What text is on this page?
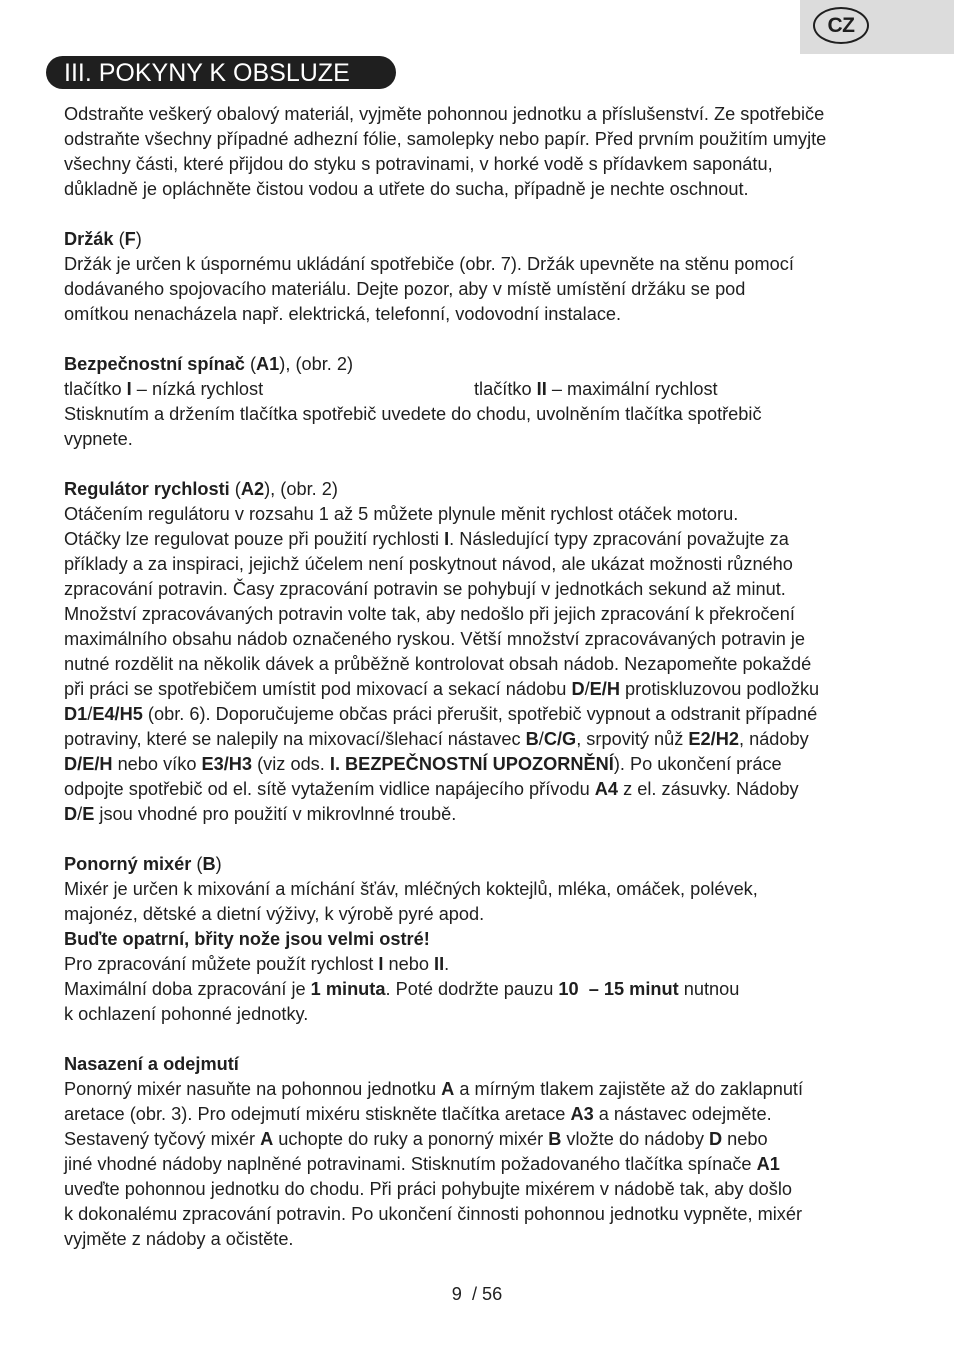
CZ
III. POKYNY K OBSLUZE
Odstraňte veškerý obalový materiál, vyjměte pohonnou jednotku a příslušenství. Ze spotřebiče
odstraňte všechny případné adhezní fólie, samolepky nebo papír. Před prvním použitím umyjte
všechny části, které přijdou do styku s potravinami, v horké vodě s přídavkem saponátu,
důkladně je opláchněte čistou vodou a utřete do sucha, případně je nechte oschnout.
Držák (F)
Držák je určen k úspornému ukládání spotřebiče (obr. 7). Držák upevněte na stěnu pomocí
dodávaného spojovacího materiálu. Dejte pozor, aby v místě umístění držáku se pod
omítkou nenacházela např. elektrická, telefonní, vodovodní instalace.
Bezpečnostní spínač (A1), (obr. 2)
tlačítko I – nízká rychlost	tlačítko II – maximální rychlost
Stisknutím a držením tlačítka spotřebič uvedete do chodu, uvolněním tlačítka spotřebič
vypnete.
Regulátor rychlosti (A2), (obr. 2)
Otáčením regulátoru v rozsahu 1 až 5 můžete plynule měnit rychlost otáček motoru.
Otáčky lze regulovat pouze při použití rychlosti I. Následující typy zpracování považujte za
příklady a za inspiraci, jejichž účelem není poskytnout návod, ale ukázat možnosti různého
zpracování potravin. Časy zpracování potravin se pohybují v jednotkách sekund až minut.
Množství zpracovávaných potravin volte tak, aby nedošlo při jejich zpracování k překročení
maximálního obsahu nádob označeného ryskou. Větší množství zpracovávaných potravin je
nutné rozdělit na několik dávek a průběžně kontrolovat obsah nádob. Nezapomeňte pokaždé
při práci se spotřebičem umístit pod mixovací a sekací nádobu D/E/H protiskluzovou podložku
D1/E4/H5 (obr. 6). Doporučujeme občas práci přerušit, spotřebič vypnout a odstranit případné
potraviny, které se nalepily na mixovací/šlehací nástavec B/C/G, srpovitý nůž E2/H2, nádoby
D/E/H nebo víko E3/H3 (viz ods. I. BEZPEČNOSTNÍ UPOZORNĚNÍ). Po ukončení práce
odpojte spotřebič od el. sítě vytažením vidlice napájecího přívodu A4 z el. zásuvky. Nádoby
D/E jsou vhodné pro použití v mikrovlnné troubě.
Ponorný mixér (B)
Mixér je určen k mixování a míchání šťáv, mléčných koktejlů, mléka, omáček, polévek,
majonéz, dětské a dietní výživy, k výrobě pyré apod.
Buďte opatrní, břity nože jsou velmi ostré!
Pro zpracování můžete použít rychlost I nebo II.
Maximální doba zpracování je 1 minuta. Poté dodržte pauzu 10  – 15 minut nutnou
k ochlazení pohonné jednotky.
Nasazení a odejmutí
Ponorný mixér nasuňte na pohonnou jednotku A a mírným tlakem zajistěte až do zaklapnutí
aretace (obr. 3). Pro odejmutí mixéru stiskněte tlačítka aretace A3 a nástavec odejměte.
Sestavený tyčový mixér A uchopte do ruky a ponorný mixér B vložte do nádoby D nebo
jiné vhodné nádoby naplněné potravinami. Stisknutím požadovaného tlačítka spínače A1
uveďte pohonnou jednotku do chodu. Při práci pohybujte mixérem v nádobě tak, aby došlo
k dokonalému zpracování potravin. Po ukončení činnosti pohonnou jednotku vypněte, mixér
vyjměte z nádoby a očistěte.
9  / 56
